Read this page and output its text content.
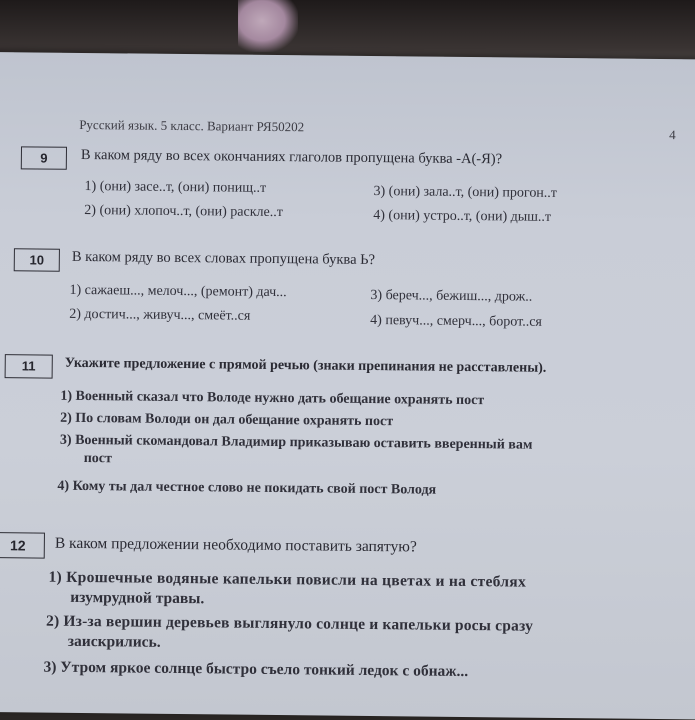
Русский язык. 5 класс. Вариант РЯ50202
4
9	В каком ряду во всех окончаниях глаголов пропущена буква -А(-Я)?
1) (они) засе..т, (они) понищ..т
2) (они) хлопоч..т, (они) раскле..т
3) (они) зала..т, (они) прогон..т
4) (они) устро..т, (они) дыш..т
10	В каком ряду во всех словах пропущена буква Ь?
1) сажаеш..., мелоч..., (ремонт) дач...
2) достич..., живуч..., смеёт..ся
3) береч..., бежиш..., дрож..
4) певуч..., смерч..., борот..ся
11	Укажите предложение с прямой речью (знаки препинания не расставлены).
1) Военный сказал что Володе нужно дать обещание охранять пост
2) По словам Володи он дал обещание охранять пост
3) Военный скомандовал Владимир приказываю оставить вверенный вам
пост
4) Кому ты дал честное слово не покидать свой пост Володя
12	В каком предложении необходимо поставить запятую?
1) Крошечные водяные капельки повисли на цветах и на стеблях
изумрудной травы.
2) Из-за вершин деревьев выглянуло солнце и капельки росы сразу
заискрились.
3) Утром яркое солнце быстро съело тонкий ледок с обнаж...
